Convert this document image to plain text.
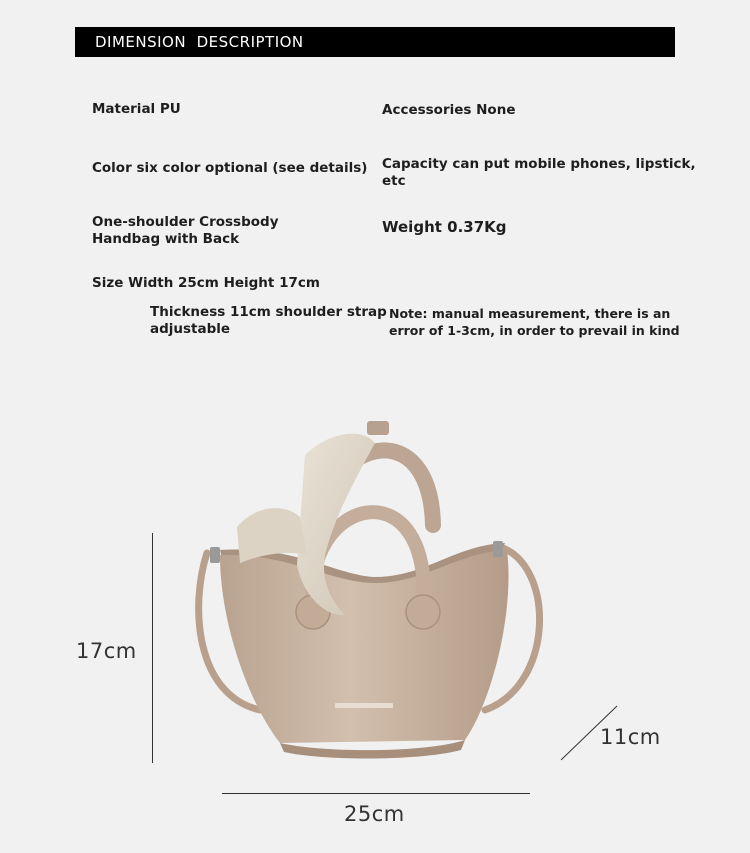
DIMENSION  DESCRIPTION
Material PU	Accessories None
Color six color optional (see details) Capacity can put mobile phones, lipstick,
etc
One-shoulder Crossbody
Handbag with Back
Weight 0.37Kg
Size Width 25cm Height 17cm
Thickness 11cm shoulder strap
adjustable
Note: manual measurement, there is an
error of 1-3cm, in order to prevail in kind
17cm
25cm
11cm
